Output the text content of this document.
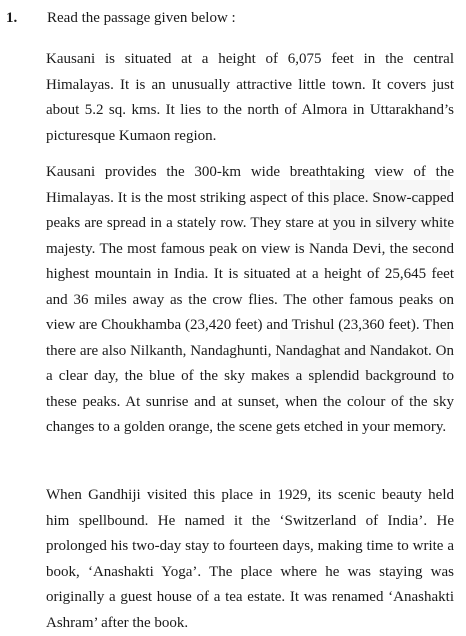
1. Read the passage given below :

Kausani is situated at a height of 6,075 feet in the central Himalayas. It is an unusually attractive little town. It covers just about 5.2 sq. kms. It lies to the north of Almora in Uttarakhand’s picturesque Kumaon region.

Kausani provides the 300-km wide breathtaking view of the Himalayas. It is the most striking aspect of this place. Snow-capped peaks are spread in a stately row. They stare at you in silvery white majesty. The most famous peak on view is Nanda Devi, the second highest mountain in India. It is situated at a height of 25,645 feet and 36 miles away as the crow flies. The other famous peaks on view are Choukhamba (23,420 feet) and Trishul (23,360 feet). Then there are also Nilkanth, Nandaghunti, Nandaghat and Nandakot. On a clear day, the blue of the sky makes a splendid background to these peaks. At sunrise and at sunset, when the colour of the sky changes to a golden orange, the scene gets etched in your memory.

When Gandhiji visited this place in 1929, its scenic beauty held him spellbound. He named it the ‘Switzerland of India’. He prolonged his two-day stay to fourteen days, making time to write a book, ‘Anashakti Yoga’. The place where he was staying was originally a guest house of a tea estate. It was renamed ‘Anashakti Ashram’ after the book.
